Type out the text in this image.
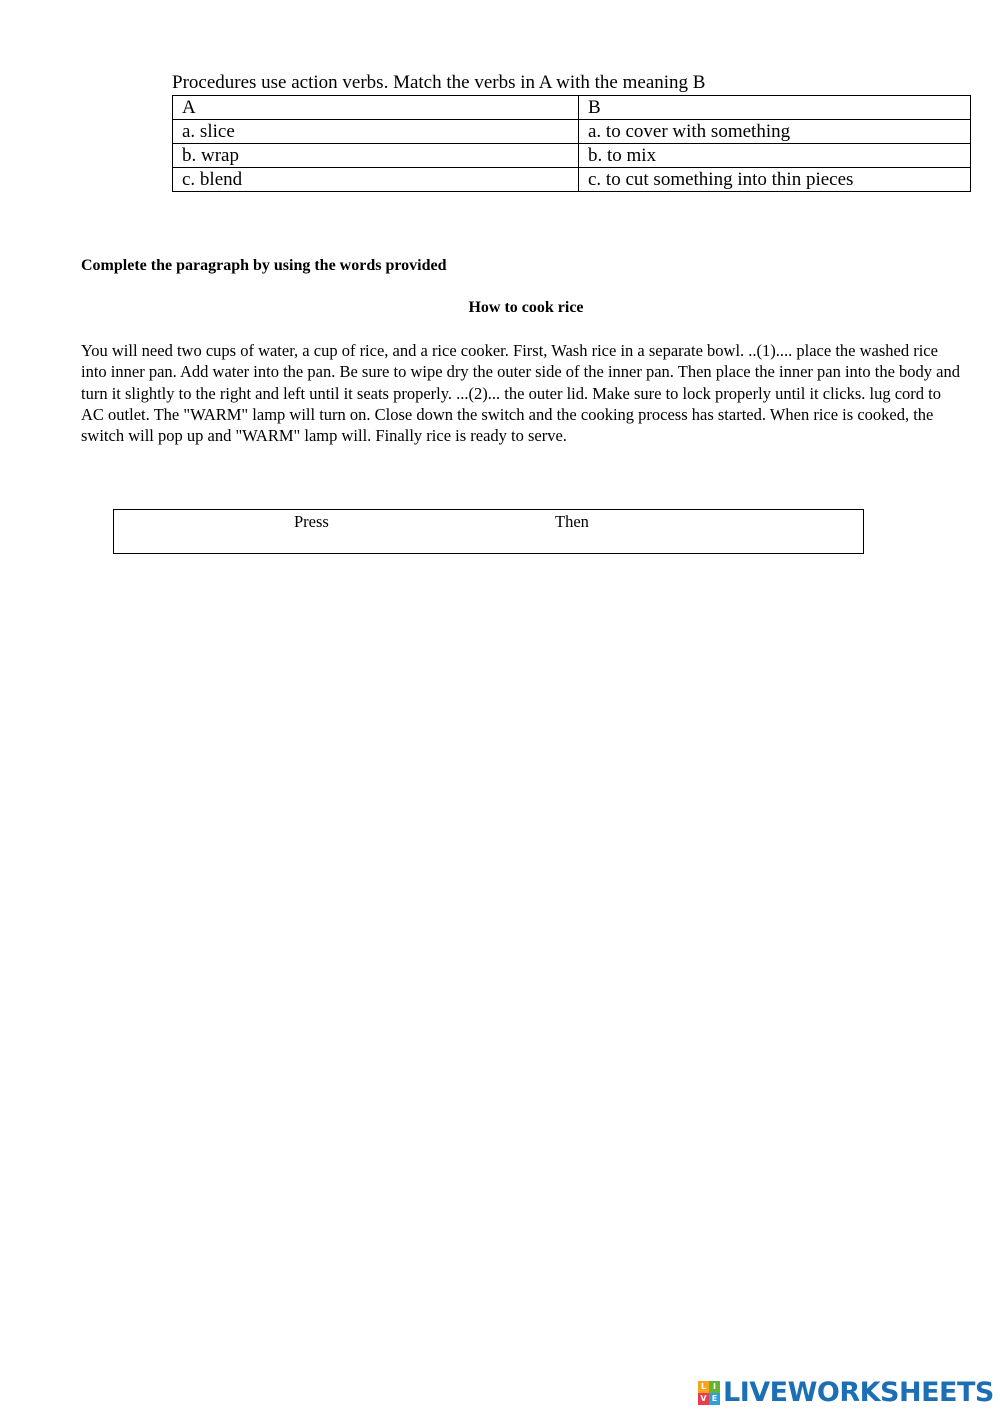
Procedures use action verbs. Match the verbs in A with the meaning B
A	B
a. slice	a. to cover with something
b. wrap	b. to mix
c. blend	c. to cut something into thin pieces
Complete the paragraph by using the words provided
How to cook rice
You will need two cups of water, a cup of rice, and a rice cooker. First, Wash rice in a separate bowl. ..(1).... place the washed rice into inner pan. Add water into the pan. Be sure to wipe dry the outer side of the inner pan. Then place the inner pan into the body and turn it slightly to the right and left until it seats properly. ...(2)... the outer lid. Make sure to lock properly until it clicks. lug cord to AC outlet. The "WARM" lamp will turn on. Close down the switch and the cooking process has started. When rice is cooked, the switch will pop up and "WARM" lamp will. Finally rice is ready to serve.
Press	Then
L I
V E LIVEWORKSHEETS
